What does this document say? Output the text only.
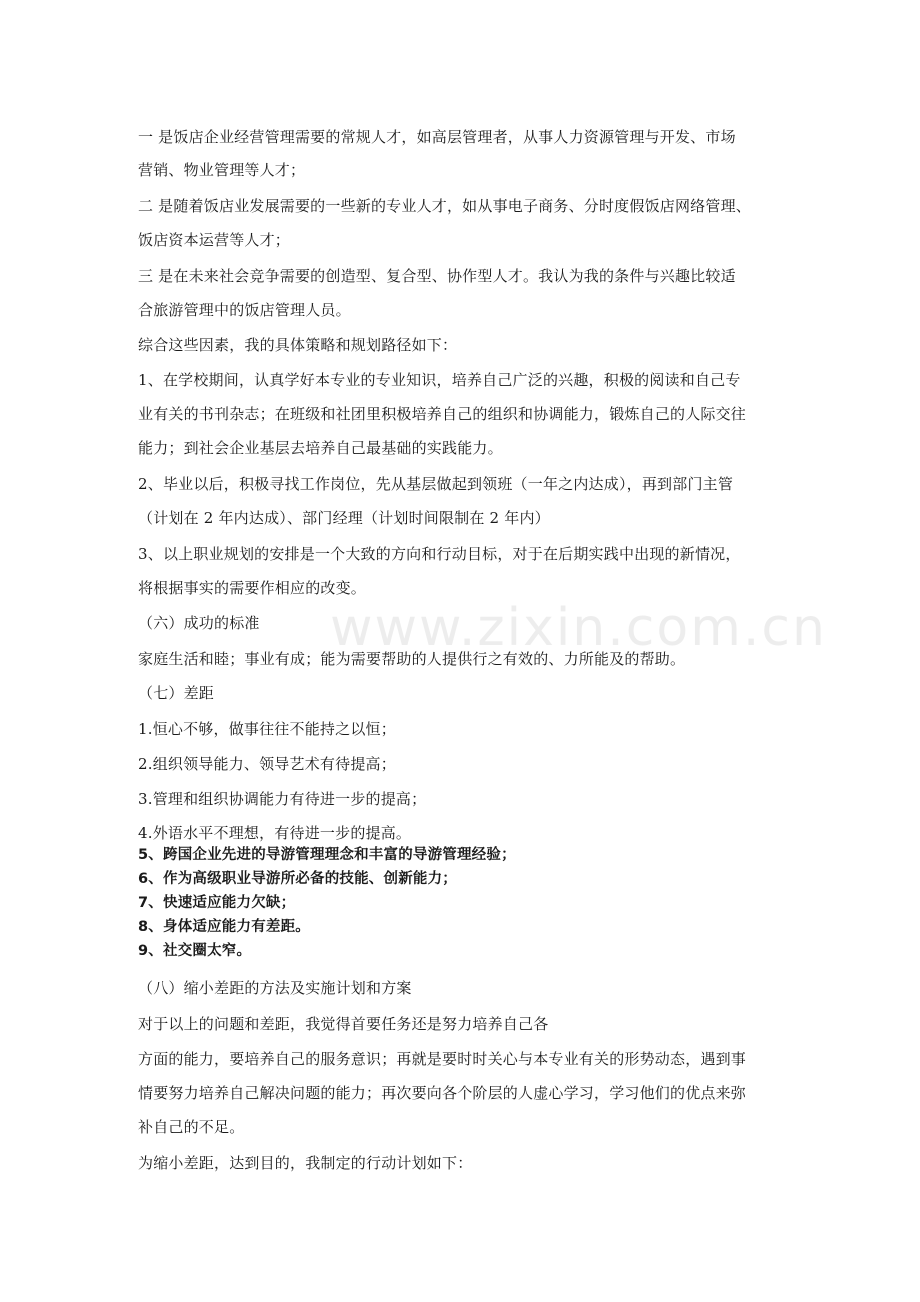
www.zixin.com.cn
一 是饭店企业经营管理需要的常规人才，如高层管理者，从事人力资源管理与开发、市场
营销、物业管理等人才；
二 是随着饭店业发展需要的一些新的专业人才，如从事电子商务、分时度假饭店网络管理、
饭店资本运营等人才；
三 是在未来社会竞争需要的创造型、复合型、协作型人才。我认为我的条件与兴趣比较适
合旅游管理中的饭店管理人员。
综合这些因素，我的具体策略和规划路径如下：
1、在学校期间，认真学好本专业的专业知识，培养自己广泛的兴趣，积极的阅读和自己专
业有关的书刊杂志；在班级和社团里积极培养自己的组织和协调能力，锻炼自己的人际交往
能力；到社会企业基层去培养自己最基础的实践能力。
2、毕业以后，积极寻找工作岗位，先从基层做起到领班（一年之内达成），再到部门主管
（计划在 2 年内达成）、部门经理（计划时间限制在 2 年内）
3、以上职业规划的安排是一个大致的方向和行动目标，对于在后期实践中出现的新情况，
将根据事实的需要作相应的改变。
（六）成功的标准
家庭生活和睦；事业有成；能为需要帮助的人提供行之有效的、力所能及的帮助。
（七）差距
1.恒心不够，做事往往不能持之以恒；
2.组织领导能力、领导艺术有待提高；
3.管理和组织协调能力有待进一步的提高；
4.外语水平不理想，有待进一步的提高。
5、跨国企业先进的导游管理理念和丰富的导游管理经验；
6、作为高级职业导游所必备的技能、创新能力；
7、快速适应能力欠缺；
8、身体适应能力有差距。
9、社交圈太窄。
（八）缩小差距的方法及实施计划和方案
对于以上的问题和差距，我觉得首要任务还是努力培养自己各
方面的能力，要培养自己的服务意识；再就是要时时关心与本专业有关的形势动态，遇到事
情要努力培养自己解决问题的能力；再次要向各个阶层的人虚心学习，学习他们的优点来弥
补自己的不足。
为缩小差距，达到目的，我制定的行动计划如下：
